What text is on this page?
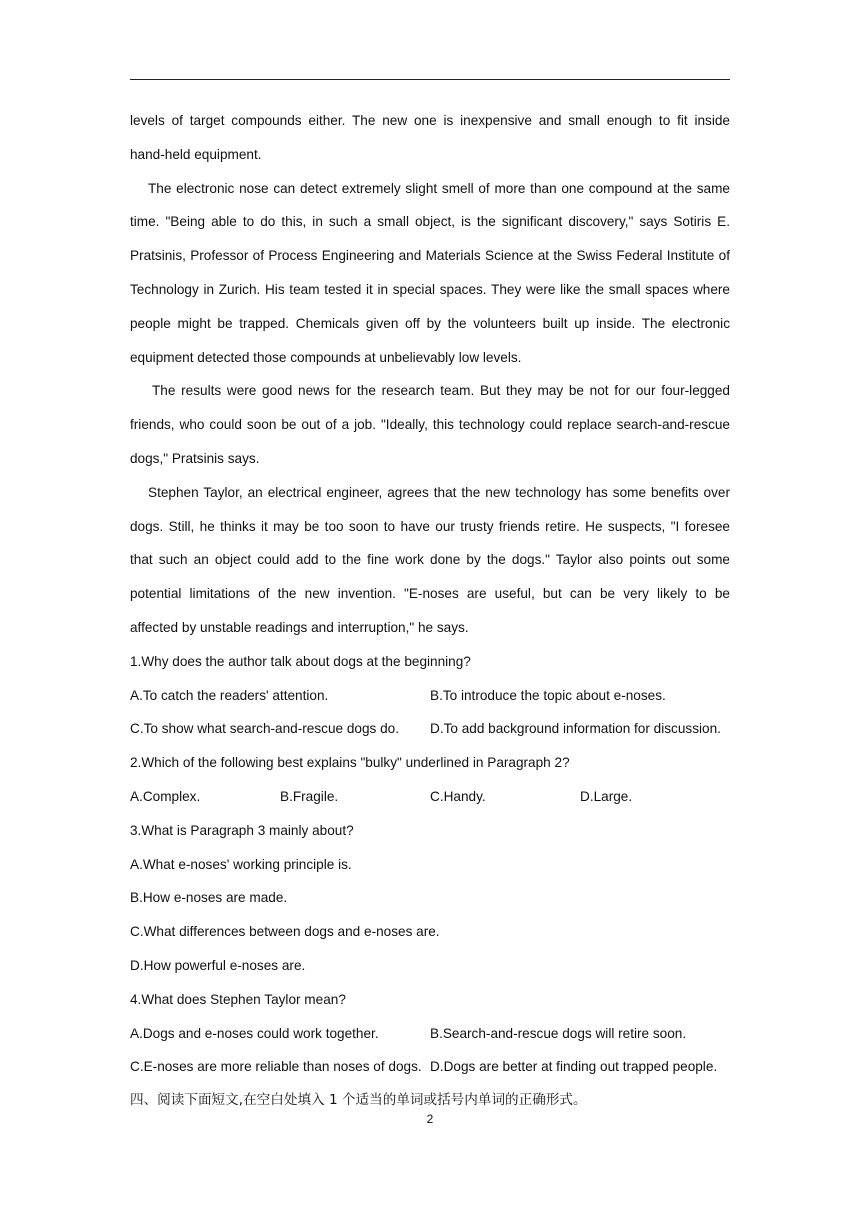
levels of target compounds either. The new one is inexpensive and small enough to fit inside
hand-held equipment.
The electronic nose can detect extremely slight smell of more than one compound at the same
time. "Being able to do this, in such a small object, is the significant discovery," says Sotiris E.
Pratsinis, Professor of Process Engineering and Materials Science at the Swiss Federal Institute of
Technology in Zurich. His team tested it in special spaces. They were like the small spaces where
people might be trapped. Chemicals given off by the volunteers built up inside. The electronic
equipment detected those compounds at unbelievably low levels.
The results were good news for the research team. But they may be not for our four-legged
friends, who could soon be out of a job. "Ideally, this technology could replace search-and-rescue
dogs," Pratsinis says.
Stephen Taylor, an electrical engineer, agrees that the new technology has some benefits over
dogs. Still, he thinks it may be too soon to have our trusty friends retire. He suspects, "I foresee
that such an object could add to the fine work done by the dogs." Taylor also points out some
potential limitations of the new invention. "E-noses are useful, but can be very likely to be
affected by unstable readings and interruption," he says.
1.Why does the author talk about dogs at the beginning?
A.To catch the readers' attention.	B.To introduce the topic about e-noses.
C.To show what search-and-rescue dogs do.	D.To add background information for discussion.
2.Which of the following best explains "bulky" underlined in Paragraph 2?
A.Complex.	B.Fragile.	C.Handy.	D.Large.
3.What is Paragraph 3 mainly about?
A.What e-noses' working principle is.
B.How e-noses are made.
C.What differences between dogs and e-noses are.
D.How powerful e-noses are.
4.What does Stephen Taylor mean?
A.Dogs and e-noses could work together.	B.Search-and-rescue dogs will retire soon.
C.E-noses are more reliable than noses of dogs. D.Dogs are better at finding out trapped people.
四、阅读下面短文,在空白处填入 1 个适当的单词或括号内单词的正确形式。
2
